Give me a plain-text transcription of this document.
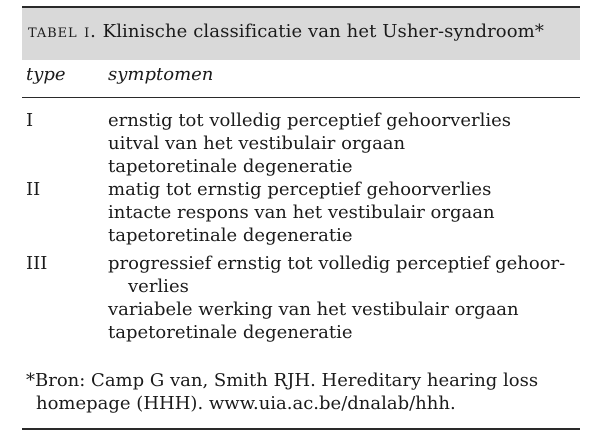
tabel i. Klinische classificatie van het Usher-syndroom*
type symptomen
I	ernstig tot volledig perceptief gehoorverlies
uitval van het vestibulair orgaan
tapetoretinale degeneratie
II	matig tot ernstig perceptief gehoorverlies
intacte respons van het vestibulair orgaan
tapetoretinale degeneratie
III	progressief ernstig tot volledig perceptief gehoor-
verlies
variabele werking van het vestibulair orgaan
tapetoretinale degeneratie
*Bron: Camp G van, Smith RJH. Hereditary hearing loss
homepage (HHH). www.uia.ac.be/dnalab/hhh.
